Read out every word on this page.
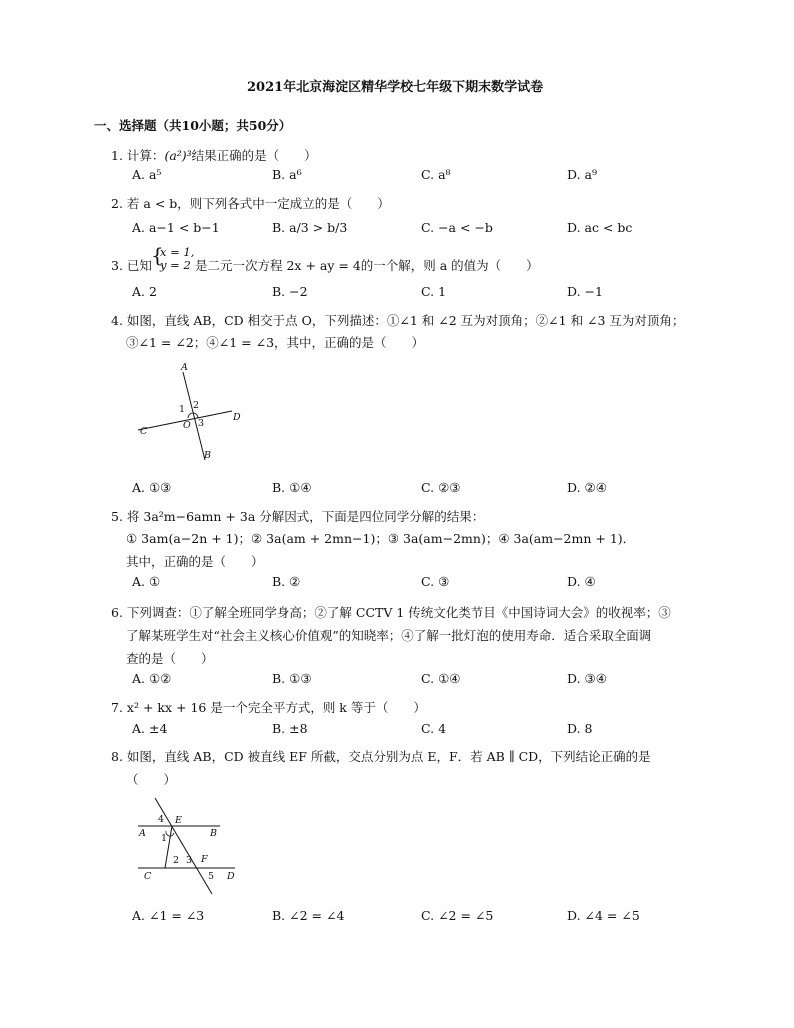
2021年北京海淀区精华学校七年级下期末数学试卷
一、选择题（共10小题；共50分）
1. 计算：(a²)³结果正确的是（　　）
A. a⁵	B. a⁶	C. a⁸	D. a⁹
2. 若 a < b，则下列各式中一定成立的是（　　）
A. a−1 < b−1	B. a/3 > b/3	C. −a < −b	D. ac < bc
3. 已知 {
x = 1,
y = 2 是二元一次方程 2x + ay = 4的一个解，则 a 的值为（　　）
A. 2	B. −2	C. 1	D. −1
4. 如图，直线 AB，CD 相交于点 O，下列描述：①∠1 和 ∠2 互为对顶角；②∠1 和 ∠3 互为对顶角；
③∠1 = ∠2；④∠1 = ∠3，其中，正确的是（　　）
A
B
C
D
O
1 2
3
A. ①③	B. ①④	C. ②③	D. ②④
5. 将 3a²m−6amn + 3a 分解因式，下面是四位同学分解的结果：
① 3am(a−2n + 1)；② 3a(am + 2mn−1)；③ 3a(am−2mn)；④ 3a(am−2mn + 1)．
其中，正确的是（　　）
A. ①	B. ②	C. ③	D. ④
6. 下列调查：①了解全班同学身高；②了解 CCTV 1 传统文化类节目《中国诗词大会》的收视率；③
了解某班学生对“社会主义核心价值观”的知晓率；④了解一批灯泡的使用寿命．适合采取全面调
查的是（　　）
A. ①②	B. ①③	C. ①④	D. ③④
7. x² + kx + 16 是一个完全平方式，则 k 等于（　　）
A. ±4	B. ±8	C. 4	D. 8
8. 如图，直线 AB，CD 被直线 EF 所截，交点分别为点 E，F．若 AB ∥ CD，下列结论正确的是
（　　）
4 E
A	B
1
2 3 F
C	5 D
A. ∠1 = ∠3	B. ∠2 = ∠4	C. ∠2 = ∠5	D. ∠4 = ∠5
